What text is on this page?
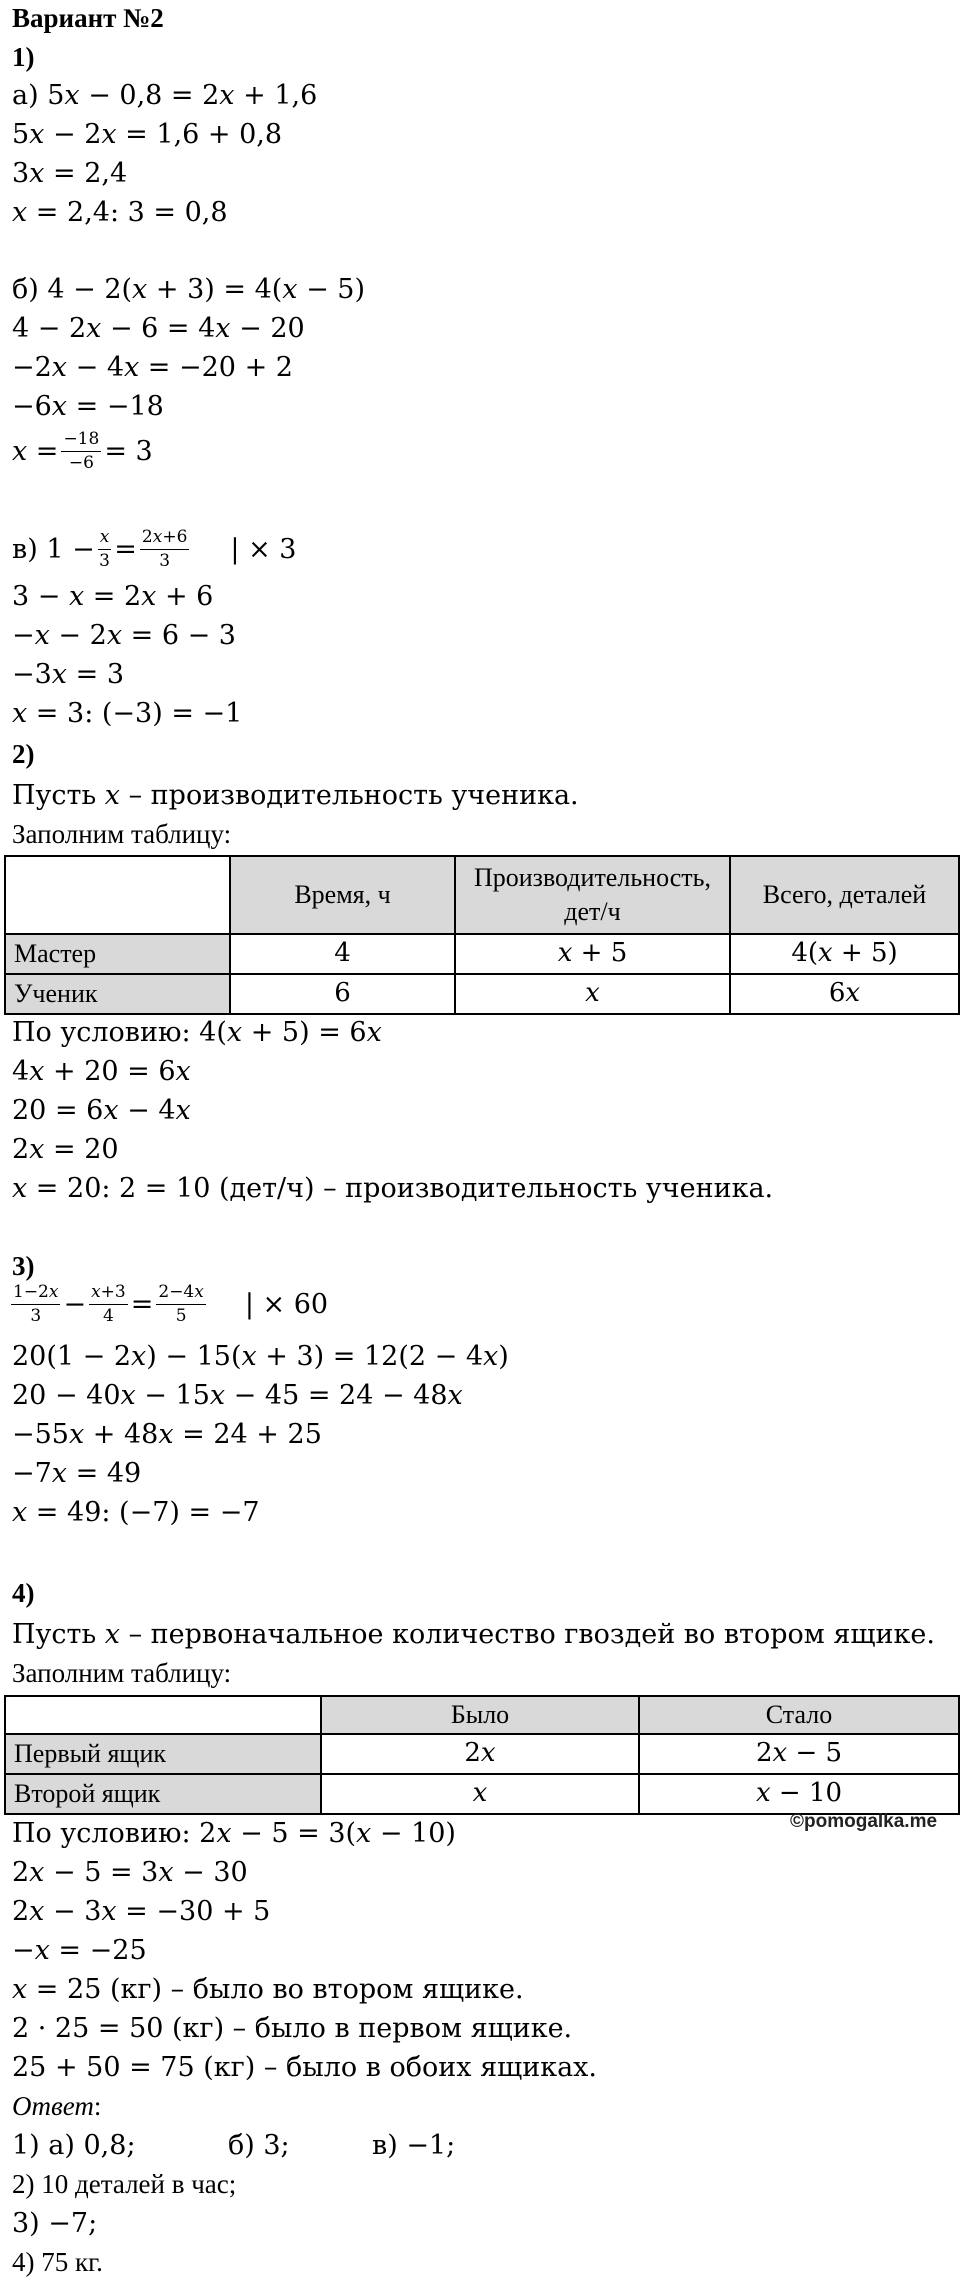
Вариант №2
1)
а) 5𝑥 − 0,8 = 2𝑥 + 1,6
5𝑥 − 2𝑥 = 1,6 + 0,8
3𝑥 = 2,4
𝑥 = 2,4: 3 = 0,8
б) 4 − 2(𝑥 + 3) = 4(𝑥 − 5)
4 − 2𝑥 − 6 = 4𝑥 − 20
−2𝑥 − 4𝑥 = −20 + 2
−6𝑥 = −18
𝑥 = $\frac{-18}{-6} = 3$
в) $1 - \frac{\text{𝑥}}{3} = \frac{\text{2𝑥+6}}{3}$ | × 3
3 − 𝑥 = 2𝑥 + 6
−𝑥 − 2𝑥 = 6 − 3
−3𝑥 = 3
𝑥 = 3: (−3) = −1
2)
Пусть 𝑥 – производительность ученика.
Заполним таблицу:
	Время, ч	Производительность, дет/ч	Всего, деталей
Мастер	4	𝑥 + 5	4(𝑥 + 5)
Ученик	6	𝑥	6𝑥
По условию: 4(𝑥 + 5) = 6𝑥
4𝑥 + 20 = 6𝑥
20 = 6𝑥 − 4𝑥
2𝑥 = 20
𝑥 = 20: 2 = 10 (дет/ч) – производительность ученика.
3)
$\frac{\text{1−2𝑥}}{3} - \frac{\text{𝑥+3}}{4} = \frac{\text{2−4𝑥}}{5}$ | × 60
20(1 − 2𝑥) − 15(𝑥 + 3) = 12(2 − 4𝑥)
20 − 40𝑥 − 15𝑥 − 45 = 24 − 48𝑥
−55𝑥 + 48𝑥 = 24 + 25
−7𝑥 = 49
𝑥 = 49: (−7) = −7
4)
Пусть 𝑥 – первоначальное количество гвоздей во втором ящике.
Заполним таблицу:
	Было	Стало
Первый ящик	2𝑥	2𝑥 − 5
Второй ящик	𝑥	𝑥 − 10
©pomogalka.me
По условию: 2𝑥 − 5 = 3(𝑥 − 10)
2𝑥 − 5 = 3𝑥 − 30
2𝑥 − 3𝑥 = −30 + 5
−𝑥 = −25
𝑥 = 25 (кг) – было во втором ящике.
2 · 25 = 50 (кг) – было в первом ящике.
25 + 50 = 75 (кг) – было в обоих ящиках.
Ответ:
1) а) 0,8;	б) 3;	в) −1;
2) 10 деталей в час;
3) −7;
4) 75 кг.
